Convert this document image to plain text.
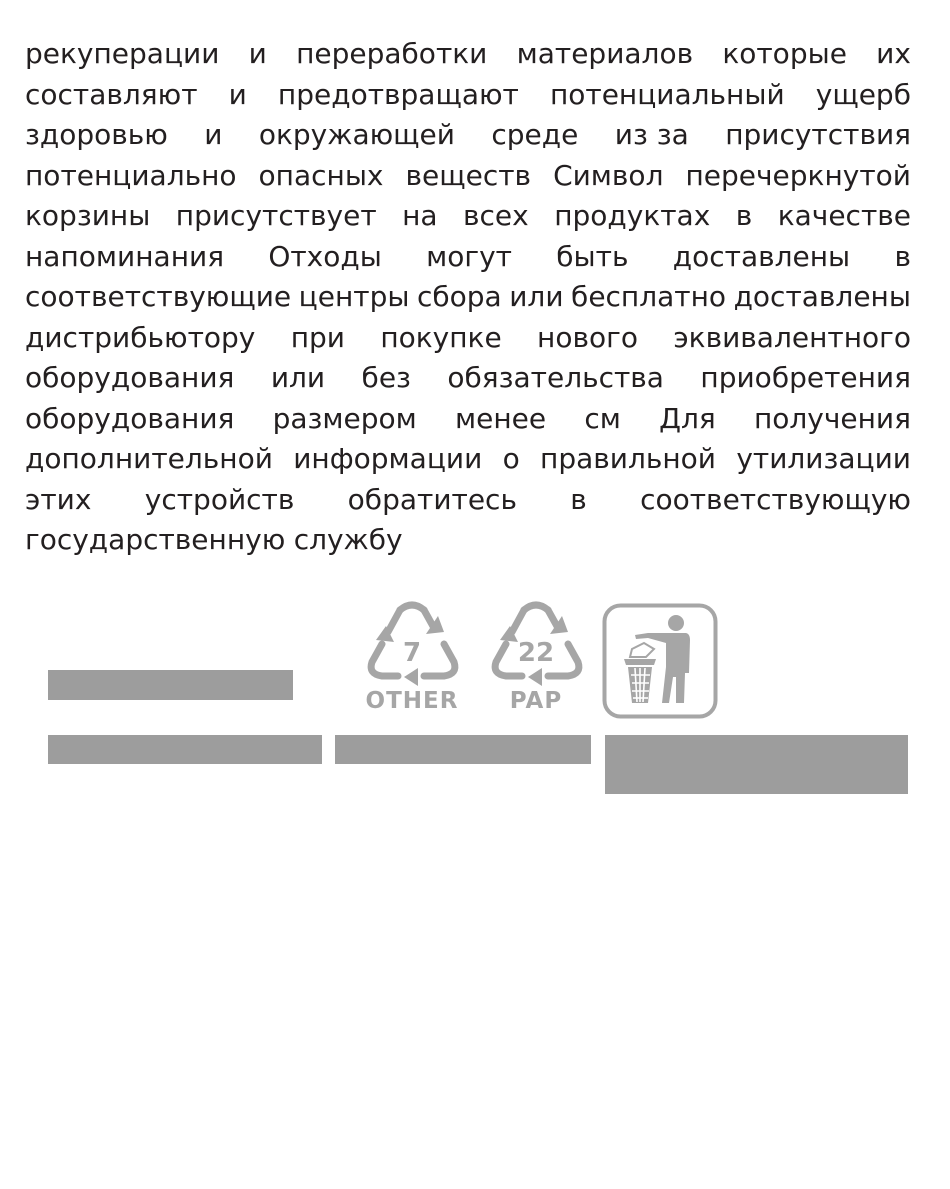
рекуперации и переработки материалов которые их
составляют и предотвращают потенциальный ущерб
здоровью и окружающей среде из за присутствия
потенциально опасных веществ Символ перечеркнутой
корзины присутствует на всех продуктах в качестве
напоминания Отходы могут быть доставлены в
соответствующие центры сбора или бесплатно доставлены
дистрибьютору при покупке нового эквивалентного
оборудования или без обязательства приобретения
оборудования размером менее см Для получения
дополнительной информации о правильной утилизации
этих устройств обратитесь в соответствующую
государственную службу
7
OTHER
22
PAP
